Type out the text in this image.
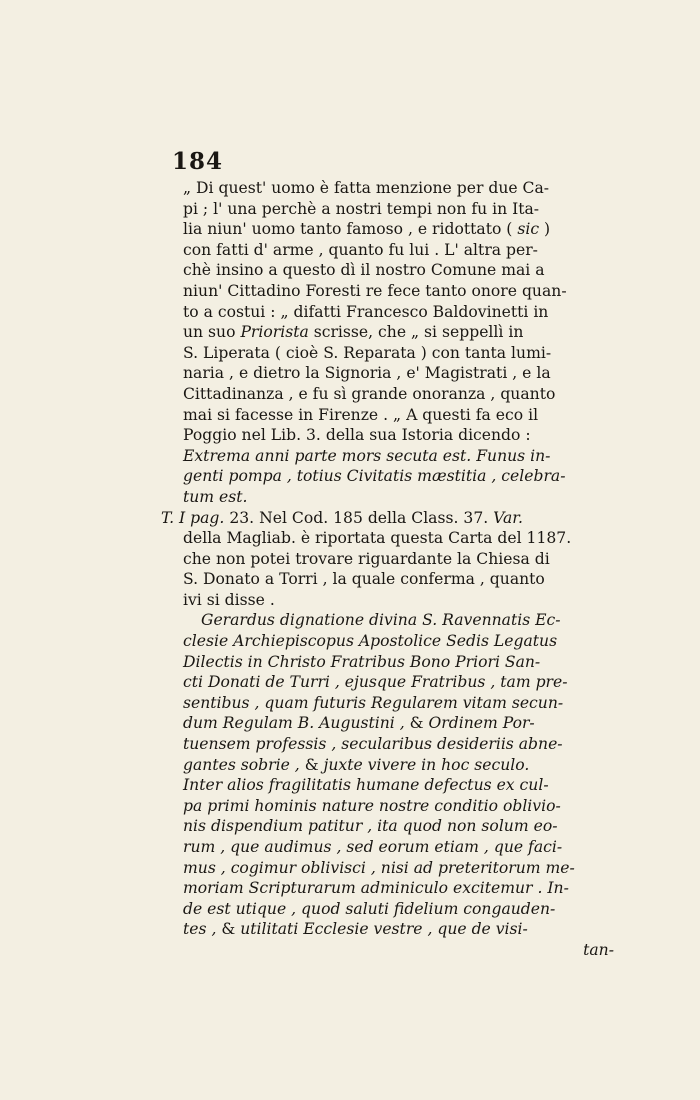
184
„ Di quest' uomo è fatta menzione per due Ca-
pi ; l' una perchè a nostri tempi non fu in Ita-
lia niun' uomo tanto famoso , e ridottato ( sic )
con fatti d' arme , quanto fu lui . L' altra per-
chè insino a questo dì il nostro Comune mai a
niun' Cittadino Foresti re fece tanto onore quan-
to a costui : „ difatti Francesco Baldovinetti in
un suo Priorista scrisse, che „ si seppellì in
S. Liperata ( cioè S. Reparata ) con tanta lumi-
naria , e dietro la Signoria , e' Magistrati , e la
Cittadinanza , e fu sì grande onoranza , quanto
mai si facesse in Firenze . „ A questi fa eco il
Poggio nel Lib. 3. della sua Istoria dicendo :
Extrema anni parte mors secuta est. Funus in-
genti pompa , totius Civitatis mæstitia , celebra-
tum est.
T. I pag. 23. Nel Cod. 185 della Class. 37. Var.
della Magliab. è riportata questa Carta del 1187.
che non potei trovare riguardante la Chiesa di
S. Donato a Torri , la quale conferma , quanto
ivi si disse .
Gerardus dignatione divina S. Ravennatis Ec-
clesie Archiepiscopus Apostolice Sedis Legatus
Dilectis in Christo Fratribus Bono Priori San-
cti Donati de Turri , ejusque Fratribus , tam pre-
sentibus , quam futuris Regularem vitam secun-
dum Regulam B. Augustini , & Ordinem Por-
tuensem professis , secularibus desideriis abne-
gantes sobrie , & juxte vivere in hoc seculo.
Inter alios fragilitatis humane defectus ex cul-
pa primi hominis nature nostre conditio oblivio-
nis dispendium patitur , ita quod non solum eo-
rum , que audimus , sed eorum etiam , que faci-
mus , cogimur oblivisci , nisi ad preteritorum me-
moriam Scripturarum adminiculo excitemur . In-
de est utique , quod saluti fidelium congauden-
tes , & utilitati Ecclesie vestre , que de visi-
tan-
